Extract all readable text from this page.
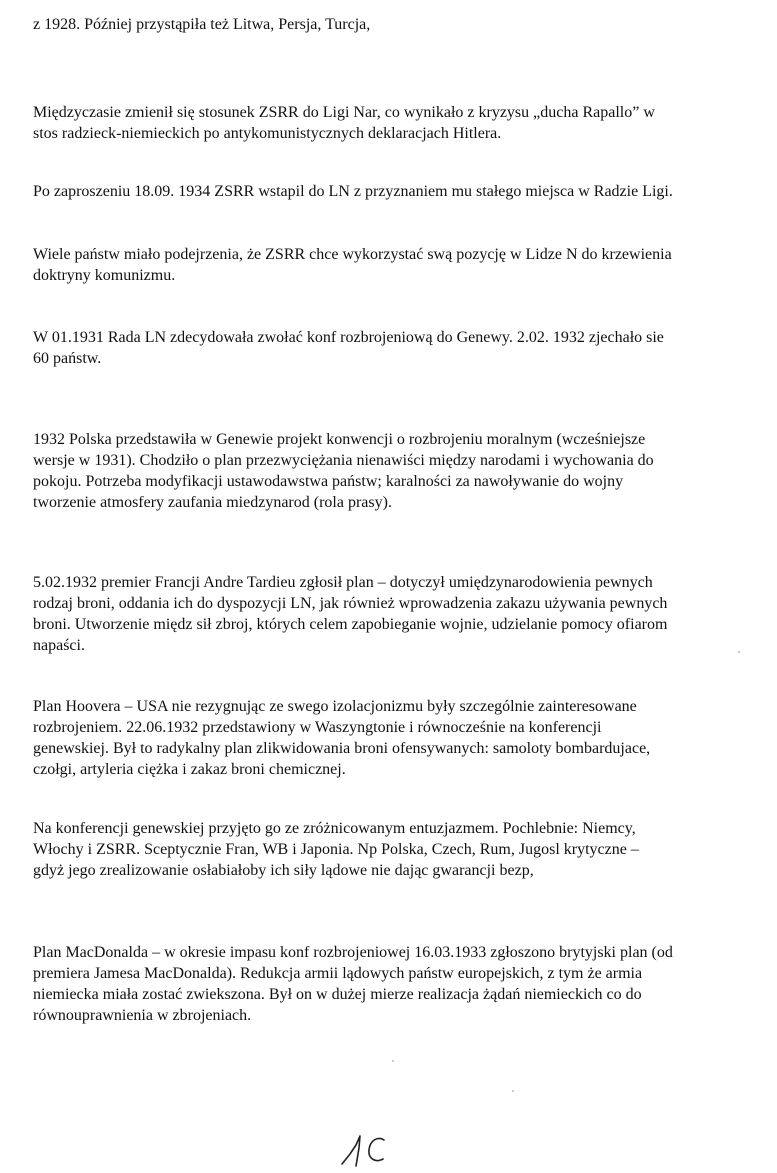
z 1928. Później przystąpiła też Litwa, Persja, Turcja,

Międzyczasie zmienił się stosunek ZSRR do Ligi Nar, co wynikało z kryzysu „ducha Rapallo” w
stos radzieck-niemieckich po antykomunistycznych deklaracjach Hitlera.

Po zaproszeniu 18.09. 1934 ZSRR wstapil do LN z przyznaniem mu stałego miejsca w Radzie Ligi.

Wiele państw miało podejrzenia, że ZSRR chce wykorzystać swą pozycję w Lidze N do krzewienia
doktryny komunizmu.

W 01.1931 Rada LN zdecydowała zwołać konf rozbrojeniową do Genewy. 2.02. 1932 zjechało sie
60 państw.

1932 Polska przedstawiła w Genewie projekt konwencji o rozbrojeniu moralnym (wcześniejsze
wersje w 1931). Chodziło o plan przezwyciężania nienawiści między narodami i wychowania do
pokoju. Potrzeba modyfikacji ustawodawstwa państw; karalności za nawoływanie do wojny
tworzenie atmosfery zaufania miedzynarod (rola prasy).

5.02.1932 premier Francji Andre Tardieu zgłosił plan – dotyczył umiędzynarodowienia pewnych
rodzaj broni, oddania ich do dyspozycji LN, jak również wprowadzenia zakazu używania pewnych
broni. Utworzenie międz sił zbroj, których celem zapobieganie wojnie, udzielanie pomocy ofiarom
napaści.

Plan Hoovera – USA nie rezygnując ze swego izolacjonizmu były szczególnie zainteresowane
rozbrojeniem. 22.06.1932 przedstawiony w Waszyngtonie i równocześnie na konferencji
genewskiej. Był to radykalny plan zlikwidowania broni ofensywanych: samoloty bombardujace,
czołgi, artyleria ciężka i zakaz broni chemicznej.

Na konferencji genewskiej przyjęto go ze zróżnicowanym entuzjazmem. Pochlebnie: Niemcy,
Włochy i ZSRR. Sceptycznie Fran, WB i Japonia. Np Polska, Czech, Rum, Jugosl krytyczne –
gdyż jego zrealizowanie osłabiałoby ich siły lądowe nie dając gwarancji bezp,

Plan MacDonalda – w okresie impasu konf rozbrojeniowej 16.03.1933 zgłoszono brytyjski plan (od
premiera Jamesa MacDonalda). Redukcja armii lądowych państw europejskich, z tym że armia
niemiecka miała zostać zwiekszona. Był on w dużej mierze realizacja żądań niemieckich co do
równouprawnienia w zbrojeniach.
